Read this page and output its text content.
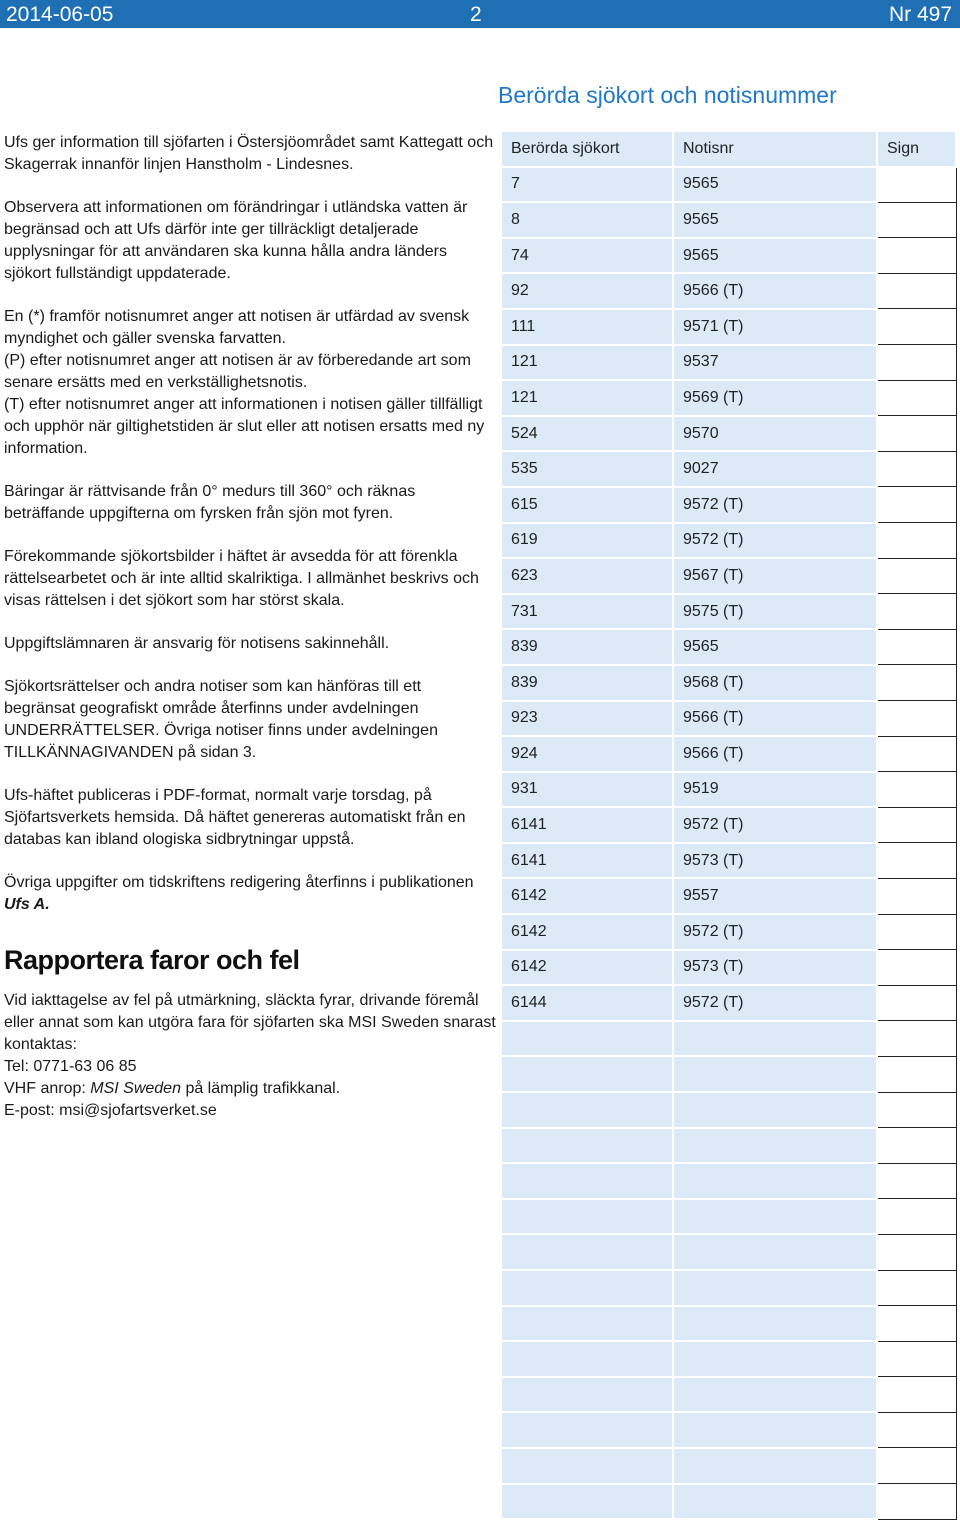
2014-06-05	2	Nr 497

Ufs ger information till sjöfarten i Östersjöområdet samt Kattegatt och Skagerrak innanför linjen Hanstholm - Lindesnes.

Observera att informationen om förändringar i utländska vatten är begränsad och att Ufs därför inte ger tillräckligt detaljerade upplysningar för att användaren ska kunna hålla andra länders sjökort fullständigt uppdaterade.

En (*) framför notisnumret anger att notisen är utfärdad av svensk myndighet och gäller svenska farvatten.

(P) efter notisnumret anger att notisen är av förberedande art som senare ersätts med en verkställighetsnotis.

(T) efter notisnumret anger att informationen i notisen gäller tillfälligt och upphör när giltighetstiden är slut eller att notisen ersatts med ny information.

Bäringar är rättvisande från 0° medurs till 360° och räknas beträffande uppgifterna om fyrsken från sjön mot fyren.

Förekommande sjökortsbilder i häftet är avsedda för att förenkla rättelsearbetet och är inte alltid skalriktiga. I allmänhet beskrivs och visas rättelsen i det sjökort som har störst skala.

Uppgiftslämnaren är ansvarig för notisens sakinnehåll.

Sjökortsrättelser och andra notiser som kan hänföras till ett begränsat geografiskt område återfinns under avdelningen UNDERRÄTTELSER. Övriga notiser finns under avdelningen TILLKÄNNAGIVANDEN på sidan 3.

Ufs-häftet publiceras i PDF-format, normalt varje torsdag, på Sjöfartsverkets hemsida. Då häftet genereras automatiskt från en databas kan ibland ologiska sidbrytningar uppstå.

Övriga uppgifter om tidskriftens redigering återfinns i publikationen Ufs A.

Rapportera faror och fel

Vid iakttagelse av fel på utmärkning, släckta fyrar, drivande föremål eller annat som kan utgöra fara för sjöfarten ska MSI Sweden snarast kontaktas:

Tel: 0771-63 06 85

VHF anrop: MSI Sweden på lämplig trafikkanal.

E-post: msi@sjofartsverket.se

Berörda sjökort och notisnummer
Berörda sjökort	Notisnr	Sign
7	9565	
8	9565	
74	9565	
92	9566 (T)	
111	9571 (T)	
121	9537	
121	9569 (T)	
524	9570	
535	9027	
615	9572 (T)	
619	9572 (T)	
623	9567 (T)	
731	9575 (T)	
839	9565	
839	9568 (T)	
923	9566 (T)	
924	9566 (T)	
931	9519	
6141	9572 (T)	
6141	9573 (T)	
6142	9557	
6142	9572 (T)	
6142	9573 (T)	
6144	9572 (T)	
